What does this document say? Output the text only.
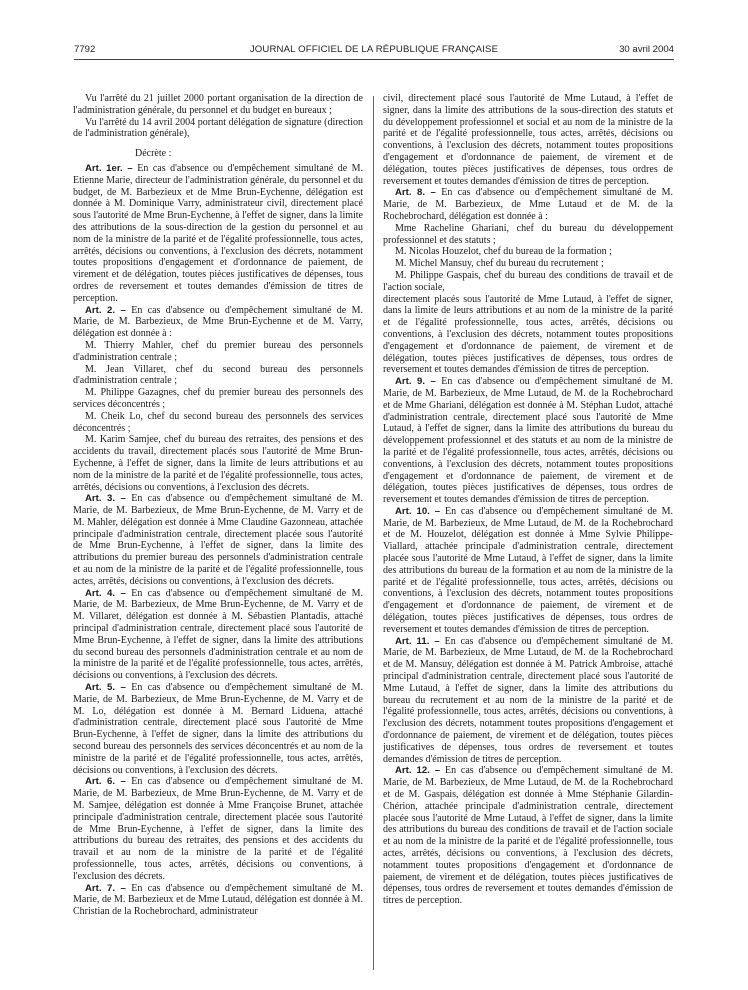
7792	JOURNAL OFFICIEL DE LA RÉPUBLIQUE FRANÇAISE	30 avril 2004

Vu l'arrêté du 21 juillet 2000 portant organisation de la direction de l'administration générale, du personnel et du budget en bureaux ;

Vu l'arrêté du 14 avril 2004 portant délégation de signature (direction de l'administration générale),

Décrète :

Art. 1er. – En cas d'absence ou d'empêchement simultané de M. Etienne Marie, directeur de l'administration générale, du personnel et du budget, de M. Barbezieux et de Mme Brun-Eychenne, délégation est donnée à M. Dominique Varry, administrateur civil, directement placé sous l'autorité de Mme Brun-Eychenne, à l'effet de signer, dans la limite des attributions de la sous-direction de la gestion du personnel et au nom de la ministre de la parité et de l'égalité professionnelle, tous actes, arrêtés, décisions ou conventions, à l'exclusion des décrets, notamment toutes propositions d'engagement et d'ordonnance de paiement, de virement et de délégation, toutes pièces justificatives de dépenses, tous ordres de reversement et toutes demandes d'émission de titres de perception.

Art. 2. – En cas d'absence ou d'empêchement simultané de M. Marie, de M. Barbezieux, de Mme Brun-Eychenne et de M. Varry, délégation est donnée à :

M. Thierry Mahler, chef du premier bureau des personnels d'administration centrale ;

M. Jean Villaret, chef du second bureau des personnels d'administration centrale ;

M. Philippe Gazagnes, chef du premier bureau des personnels des services déconcentrés ;

M. Cheik Lo, chef du second bureau des personnels des services déconcentrés ;

M. Karim Samjee, chef du bureau des retraites, des pensions et des accidents du travail, directement placés sous l'autorité de Mme Brun-Eychenne, à l'effet de signer, dans la limite de leurs attributions et au nom de la ministre de la parité et de l'égalité professionnelle, tous actes, arrêtés, décisions ou conventions, à l'exclusion des décrets.

Art. 3. – En cas d'absence ou d'empêchement simultané de M. Marie, de M. Barbezieux, de Mme Brun-Eychenne, de M. Varry et de M. Mahler, délégation est donnée à Mme Claudine Gazonneau, attachée principale d'administration centrale, directement placée sous l'autorité de Mme Brun-Eychenne, à l'effet de signer, dans la limite des attributions du premier bureau des personnels d'administration centrale et au nom de la ministre de la parité et de l'égalité professionnelle, tous actes, arrêtés, décisions ou conventions, à l'exclusion des décrets.

Art. 4. – En cas d'absence ou d'empêchement simultané de M. Marie, de M. Barbezieux, de Mme Brun-Eychenne, de M. Varry et de M. Villaret, délégation est donnée à M. Sébastien Plantadis, attaché principal d'administration centrale, directement placé sous l'autorité de Mme Brun-Eychenne, à l'effet de signer, dans la limite des attributions du second bureau des personnels d'administration centrale et au nom de la ministre de la parité et de l'égalité professionnelle, tous actes, arrêtés, décisions ou conventions, à l'exclusion des décrets.

Art. 5. – En cas d'absence ou d'empêchement simultané de M. Marie, de M. Barbezieux, de Mme Brun-Eychenne, de M. Varry et de M. Lo, délégation est donnée à M. Bernard Liduena, attaché d'administration centrale, directement placé sous l'autorité de Mme Brun-Eychenne, à l'effet de signer, dans la limite des attributions du second bureau des personnels des services déconcentrés et au nom de la ministre de la parité et de l'égalité professionnelle, tous actes, arrêtés, décisions ou conventions, à l'exclusion des décrets.

Art. 6. – En cas d'absence ou d'empêchement simultané de M. Marie, de M. Barbezieux, de Mme Brun-Eychenne, de M. Varry et de M. Samjee, délégation est donnée à Mme Françoise Brunet, attachée principale d'administration centrale, directement placée sous l'autorité de Mme Brun-Eychenne, à l'effet de signer, dans la limite des attributions du bureau des retraites, des pensions et des accidents du travail et au nom de la ministre de la parité et de l'égalité professionnelle, tous actes, arrêtés, décisions ou conventions, à l'exclusion des décrets.

Art. 7. – En cas d'absence ou d'empêchement simultané de M. Marie, de M. Barbezieux et de Mme Lutaud, délégation est donnée à M. Christian de la Rochebrochard, administrateur

civil, directement placé sous l'autorité de Mme Lutaud, à l'effet de signer, dans la limite des attributions de la sous-direction des statuts et du développement professionnel et social et au nom de la ministre de la parité et de l'égalité professionnelle, tous actes, arrêtés, décisions ou conventions, à l'exclusion des décrets, notamment toutes propositions d'engagement et d'ordonnance de paiement, de virement et de délégation, toutes pièces justificatives de dépenses, tous ordres de reversement et toutes demandes d'émission de titres de perception.

Art. 8. – En cas d'absence ou d'empêchement simultané de M. Marie, de M. Barbezieux, de Mme Lutaud et de M. de la Rochebrochard, délégation est donnée à :

Mme Racheline Ghariani, chef du bureau du développement professionnel et des statuts ;

M. Nicolas Houzelot, chef du bureau de la formation ;

M. Michel Mansuy, chef du bureau du recrutement ;

M. Philippe Gaspais, chef du bureau des conditions de travail et de l'action sociale,

directement placés sous l'autorité de Mme Lutaud, à l'effet de signer, dans la limite de leurs attributions et au nom de la ministre de la parité et de l'égalité professionnelle, tous actes, arrêtés, décisions ou conventions, à l'exclusion des décrets, notamment toutes propositions d'engagement et d'ordonnance de paiement, de virement et de délégation, toutes pièces justificatives de dépenses, tous ordres de reversement et toutes demandes d'émission de titres de perception.

Art. 9. – En cas d'absence ou d'empêchement simultané de M. Marie, de M. Barbezieux, de Mme Lutaud, de M. de la Rochebrochard et de Mme Ghariani, délégation est donnée à M. Stéphan Ludot, attaché d'administration centrale, directement placé sous l'autorité de Mme Lutaud, à l'effet de signer, dans la limite des attributions du bureau du développement professionnel et des statuts et au nom de la ministre de la parité et de l'égalité professionnelle, tous actes, arrêtés, décisions ou conventions, à l'exclusion des décrets, notamment toutes propositions d'engagement et d'ordonnance de paiement, de virement et de délégation, toutes pièces justificatives de dépenses, tous ordres de reversement et toutes demandes d'émission de titres de perception.

Art. 10. – En cas d'absence ou d'empêchement simultané de M. Marie, de M. Barbezieux, de Mme Lutaud, de M. de la Rochebrochard et de M. Houzelot, délégation est donnée à Mme Sylvie Philippe-Viallard, attachée principale d'administration centrale, directement placée sous l'autorité de Mme Lutaud, à l'effet de signer, dans la limite des attributions du bureau de la formation et au nom de la ministre de la parité et de l'égalité professionnelle, tous actes, arrêtés, décisions ou conventions, à l'exclusion des décrets, notamment toutes propositions d'engagement et d'ordonnance de paiement, de virement et de délégation, toutes pièces justificatives de dépenses, tous ordres de reversement et toutes demandes d'émission de titres de perception.

Art. 11. – En cas d'absence ou d'empêchement simultané de M. Marie, de M. Barbezieux, de Mme Lutaud, de M. de la Rochebrochard et de M. Mansuy, délégation est donnée à M. Patrick Ambroise, attaché principal d'administration centrale, directement placé sous l'autorité de Mme Lutaud, à l'effet de signer, dans la limite des attributions du bureau du recrutement et au nom de la ministre de la parité et de l'égalité professionnelle, tous actes, arrêtés, décisions ou conventions, à l'exclusion des décrets, notamment toutes propositions d'engagement et d'ordonnance de paiement, de virement et de délégation, toutes pièces justificatives de dépenses, tous ordres de reversement et toutes demandes d'émission de titres de perception.

Art. 12. – En cas d'absence ou d'empêchement simultané de M. Marie, de M. Barbezieux, de Mme Lutaud, de M. de la Rochebrochard et de M. Gaspais, délégation est donnée à Mme Stéphanie Gilardin-Chérion, attachée principale d'administration centrale, directement placée sous l'autorité de Mme Lutaud, à l'effet de signer, dans la limite des attributions du bureau des conditions de travail et de l'action sociale et au nom de la ministre de la parité et de l'égalité professionnelle, tous actes, arrêtés, décisions ou conventions, à l'exclusion des décrets, notamment toutes propositions d'engagement et d'ordonnance de paiement, de virement et de délégation, toutes pièces justificatives de dépenses, tous ordres de reversement et toutes demandes d'émission de titres de perception.
